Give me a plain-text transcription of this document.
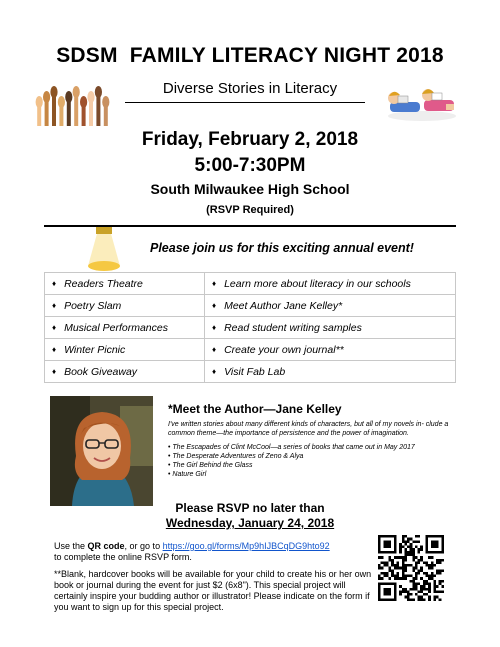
SDSM  FAMILY LITERACY NIGHT 2018
Diverse Stories in Literacy
Friday, February 2, 2018
5:00-7:30PM
South Milwaukee High School
(RSVP Required)
Please join us for this exciting annual event!
♦ Readers Theatre	♦ Learn more about literacy in our schools
♦ Poetry Slam	♦ Meet Author Jane Kelley*
♦ Musical Performances	♦ Read student writing samples
♦ Winter Picnic	♦ Create your own journal**
♦ Book Giveaway	♦ Visit Fab Lab
*Meet the Author—Jane Kelley
I've written stories about many different kinds of characters, but all of my novels in- clude a common theme—the importance of persistence and the power of imagination.
• The Escapades of Clint McCool—a series of books that came out in May 2017
• The Desperate Adventures of Zeno & Alya
• The Girl Behind the Glass
• Nature Girl
Please RSVP no later than
Wednesday, January 24, 2018
Use the QR code, or go to https://goo.gl/forms/Mp9hIJBCqDG9hto92
to complete the online RSVP form.
**Blank, hardcover books will be available for your child to create his or her own book or journal during the event for just $2 (6x8"). This special project will certainly inspire your budding author or illustrator! Please indicate on the form if you want to sign up for this special project.
